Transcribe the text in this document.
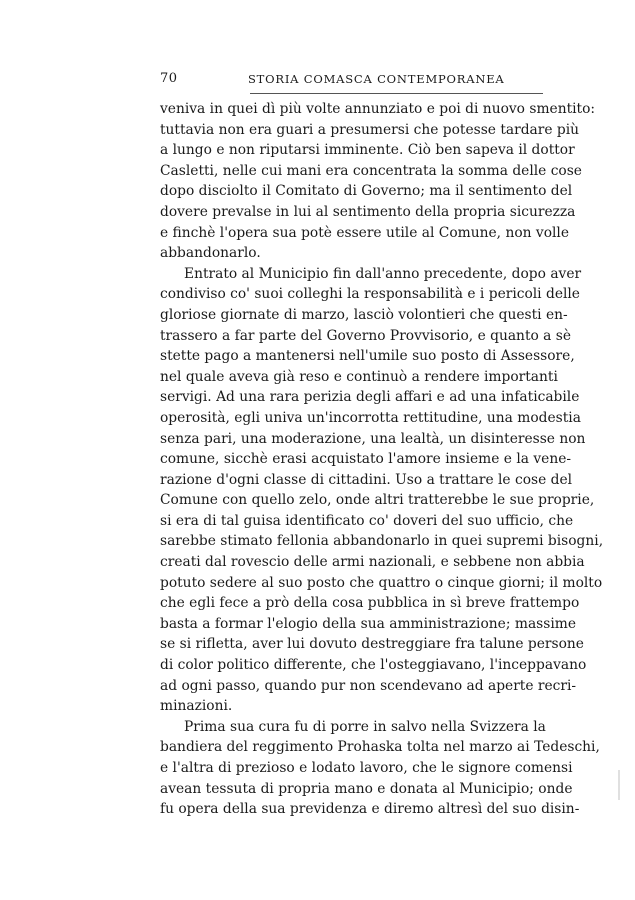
70	STORIA COMASCA CONTEMPORANEA
veniva in quei dì più volte annunziato e poi di nuovo smentito:
tuttavia non era guari a presumersi che potesse tardare più
a lungo e non riputarsi imminente. Ciò ben sapeva il dottor
Casletti, nelle cui mani era concentrata la somma delle cose
dopo disciolto il Comitato di Governo; ma il sentimento del
dovere prevalse in lui al sentimento della propria sicurezza
e finchè l'opera sua potè essere utile al Comune, non volle
abbandonarlo.
Entrato al Municipio fin dall'anno precedente, dopo aver
condiviso co' suoi colleghi la responsabilità e i pericoli delle
gloriose giornate di marzo, lasciò volontieri che questi en-
trassero a far parte del Governo Provvisorio, e quanto a sè
stette pago a mantenersi nell'umile suo posto di Assessore,
nel quale aveva già reso e continuò a rendere importanti
servigi. Ad una rara perizia degli affari e ad una infaticabile
operosità, egli univa un'incorrotta rettitudine, una modestia
senza pari, una moderazione, una lealtà, un disinteresse non
comune, sicchè erasi acquistato l'amore insieme e la vene-
razione d'ogni classe di cittadini. Uso a trattare le cose del
Comune con quello zelo, onde altri tratterebbe le sue proprie,
si era di tal guisa identificato co' doveri del suo ufficio, che
sarebbe stimato fellonia abbandonarlo in quei supremi bisogni,
creati dal rovescio delle armi nazionali, e sebbene non abbia
potuto sedere al suo posto che quattro o cinque giorni; il molto
che egli fece a prò della cosa pubblica in sì breve frattempo
basta a formar l'elogio della sua amministrazione; massime
se si rifletta, aver lui dovuto destreggiare fra talune persone
di color politico differente, che l'osteggiavano, l'inceppavano
ad ogni passo, quando pur non scendevano ad aperte recri-
minazioni.
Prima sua cura fu di porre in salvo nella Svizzera la
bandiera del reggimento Prohaska tolta nel marzo ai Tedeschi,
e l'altra di prezioso e lodato lavoro, che le signore comensi
avean tessuta di propria mano e donata al Municipio; onde
fu opera della sua previdenza e diremo altresì del suo disin-
